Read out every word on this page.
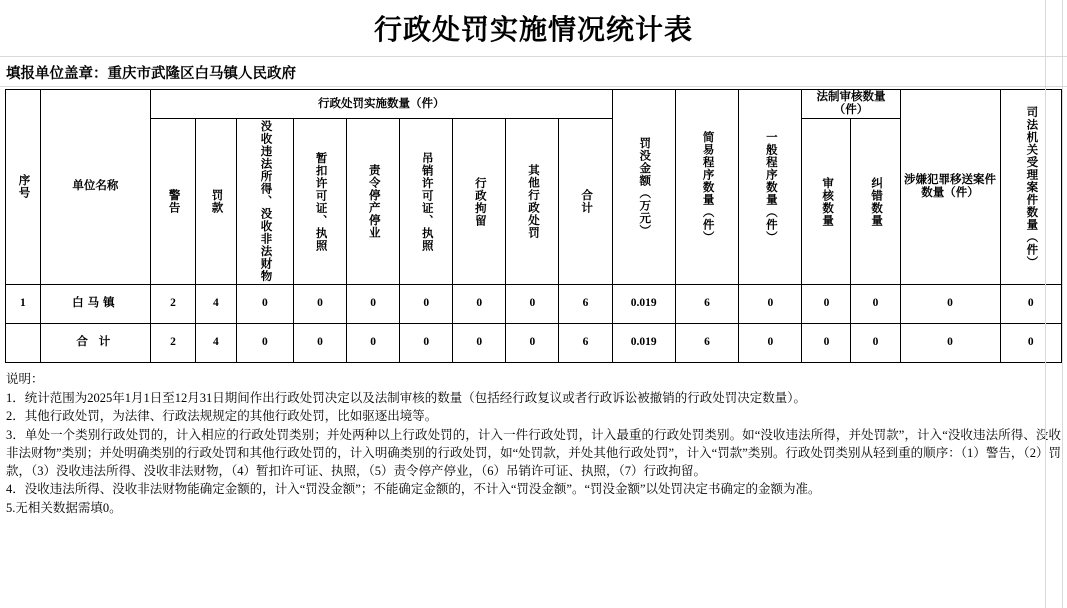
行政处罚实施情况统计表
填报单位盖章：重庆市武隆区白马镇人民政府
序号	单位名称	行政处罚实施数量（件）									罚没金额（万元）	简易程序数量（件）	一般程序数量（件）	法制审核数量（件）		涉嫌犯罪移送案件数量（件）	司法机关受理案件数量（件）
		警告	罚款	没收违法所得、没收非法财物	暂扣许可证、执照	责令停产停业	吊销许可证、执照	行政拘留	其他行政处罚	合计				审核数量	纠错数量		

1	白马镇	2	4	0	0	0	0	0	0	6	0.019	6	0	0	0	0	0
	合 计	2	4	0	0	0	0	0	0	6	0.019	6	0	0	0	0	0

说明：

1．统计范围为2025年1月1日至12月31日期间作出行政处罚决定以及法制审核的数量（包括经行政复议或者行政诉讼被撤销的行政处罚决定数量）。

2．其他行政处罚，为法律、行政法规规定的其他行政处罚，比如驱逐出境等。

3．单处一个类别行政处罚的，计入相应的行政处罚类别；并处两种以上行政处罚的，计入一件行政处罚，计入最重的行政处罚类别。如“没收违法所得，并处罚款”，计入“没收违法所得、没收非法财物”类别；并处明确类别的行政处罚和其他行政处罚的，计入明确类别的行政处罚，如“处罚款，并处其他行政处罚”，计入“罚款”类别。行政处罚类别从轻到重的顺序：（1）警告，（2）罚款，（3）没收违法所得、没收非法财物，（4）暂扣许可证、执照，（5）责令停产停业，（6）吊销许可证、执照，（7）行政拘留。

4．没收违法所得、没收非法财物能确定金额的，计入“罚没金额”；不能确定金额的，不计入“罚没金额”。“罚没金额”以处罚决定书确定的金额为准。

5.无相关数据需填0。
